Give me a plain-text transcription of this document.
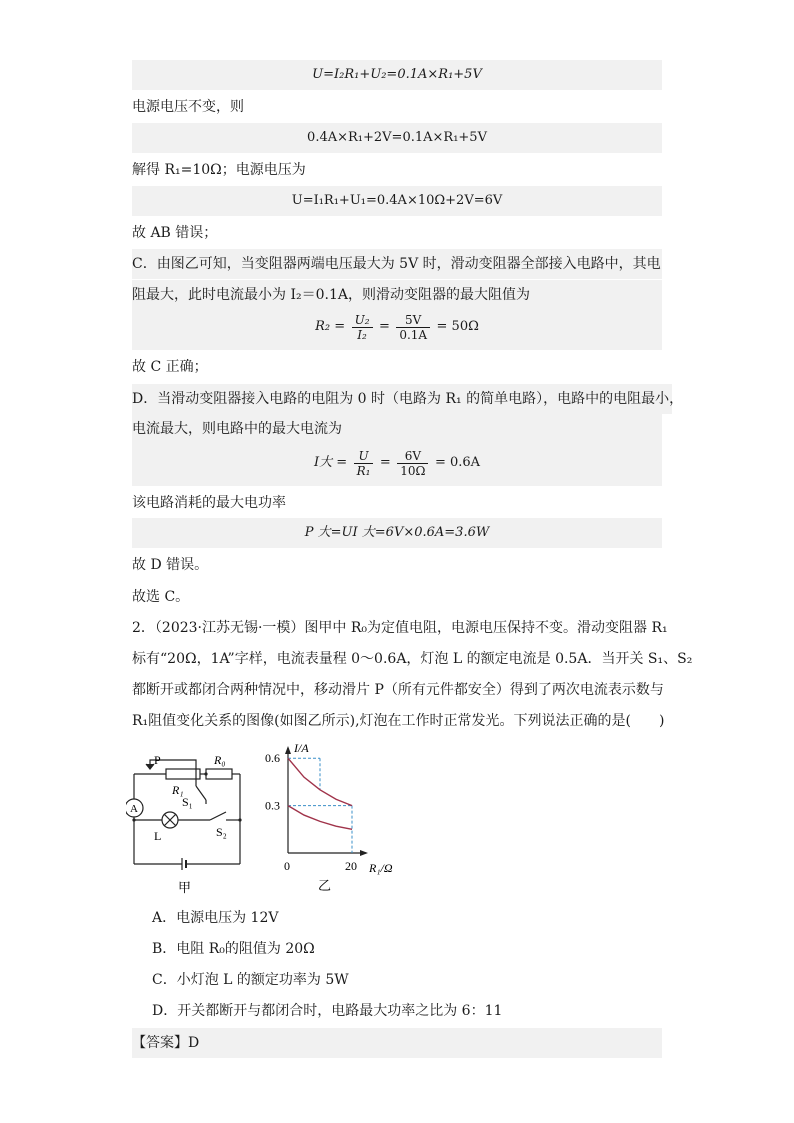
U=I₂R₁+U₂=0.1A×R₁+5V
电源电压不变，则
0.4A×R₁+2V=0.1A×R₁+5V
解得 R₁=10Ω；电源电压为
U=I₁R₁+U₁=0.4A×10Ω+2V=6V
故 AB 错误；
C．由图乙可知，当变阻器两端电压最大为 5V 时，滑动变阻器全部接入电路中，其电
阻最大，此时电流最小为 I₂＝0.1A，则滑动变阻器的最大阻值为
$R_2 = \frac{\text{U₂}}{\text{I₂}} = \frac{5V}{0.1A} = 50\Omega$
故 C 正确；
D．当滑动变阻器接入电路的电阻为 0 时（电路为 R₁ 的简单电路），电路中的电阻最小，
电流最大，则电路中的最大电流为
I大 = $\frac{U}{\text{R₁}} = \frac{6V}{10\Omega} = 0.6A$
该电路消耗的最大电功率
P 大=UI 大=6V×0.6A=3.6W
故 D 错误。
故选 C。
2．（2023·江苏无锡·一模）图甲中 R₀为定值电阻，电源电压保持不变。滑动变阻器 R₁
标有“20Ω，1A”字样，电流表量程 0～0.6A，灯泡 L 的额定电流是 0.5A．当开关 S₁、S₂
都断开或都闭合两种情况中，移动滑片 P（所有元件都安全）得到了两次电流表示数与
R₁阻值变化关系的图像(如图乙所示),灯泡在工作时正常发光。下列说法正确的是(　　)
P	R₀
R₁
A	S₁
L	S₂
甲
I/A
0.6
0.3
0	20 R₁/Ω
乙
A．电源电压为 12V
B．电阻 R₀的阻值为 20Ω
C．小灯泡 L 的额定功率为 5W
D．开关都断开与都闭合时，电路最大功率之比为 6：11
【答案】D
